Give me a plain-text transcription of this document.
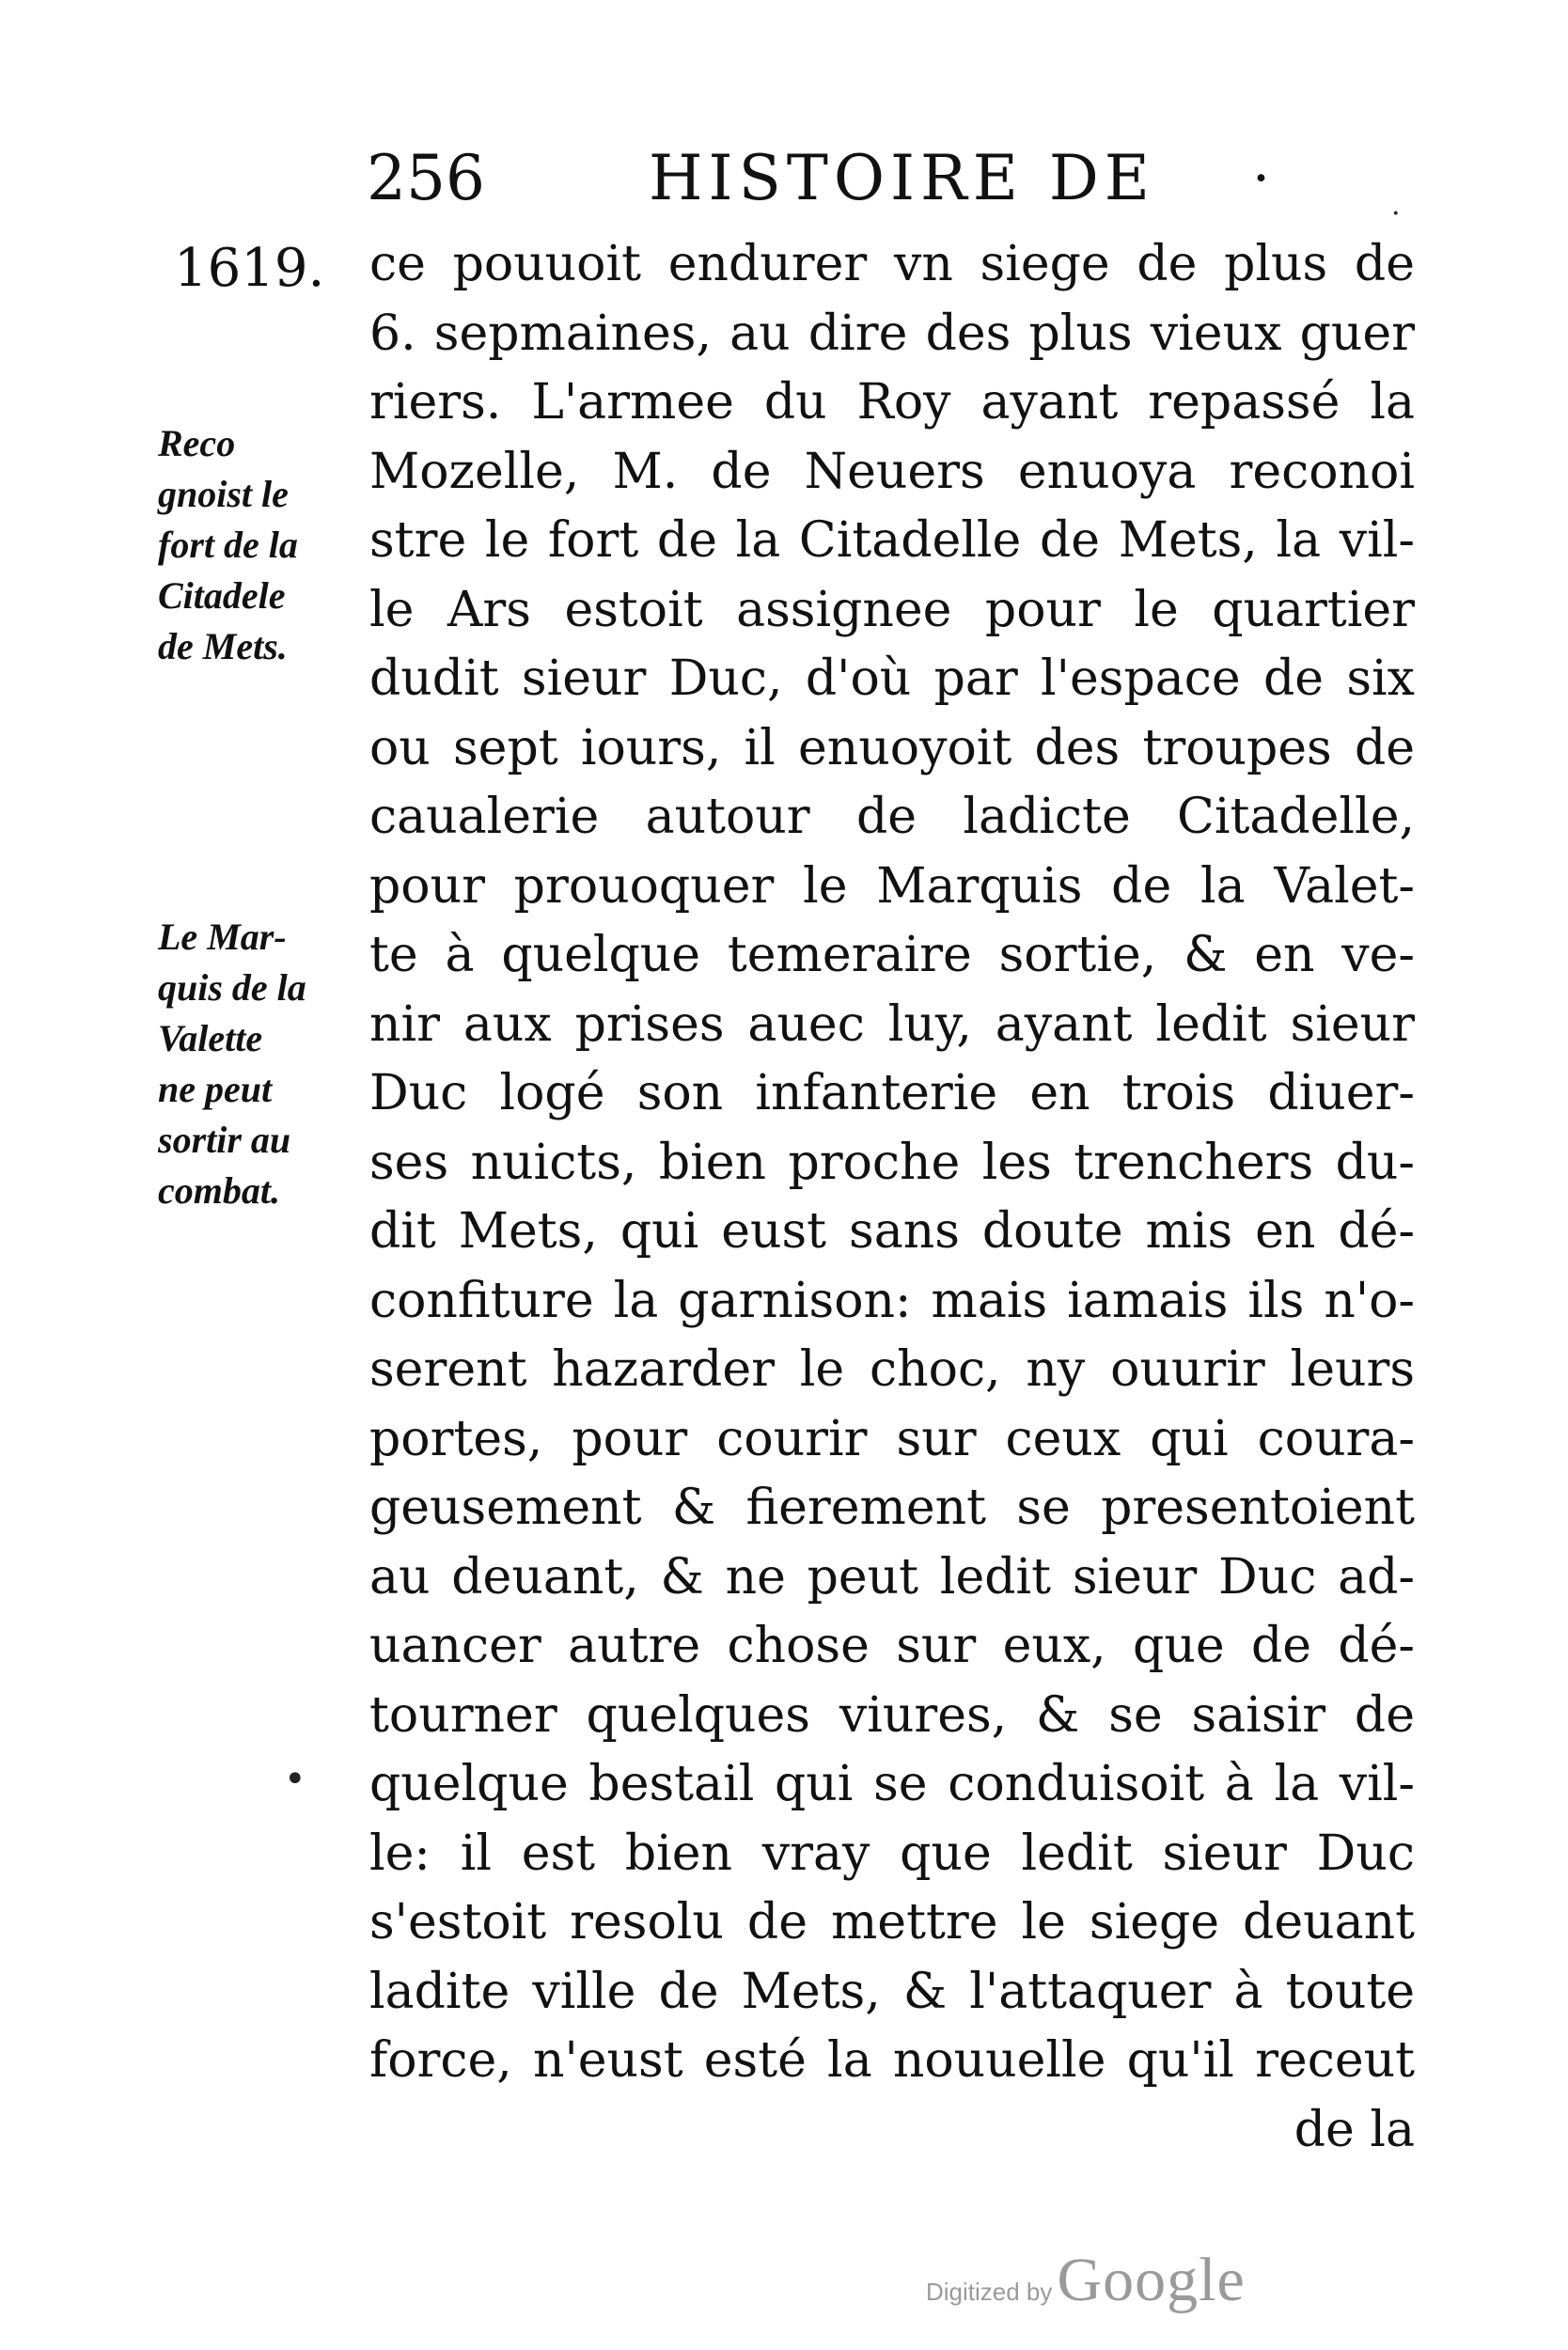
256	HISTOIRE DE ·
1619.
Reco
gnoist le
fort de la
Citadele
de Mets.
Le Mar-
quis de la
Valette
ne peut
sortir au
combat.
ce pouuoit endurer vn siege de plus de
6. sepmaines, au dire des plus vieux guer
riers. L'armee du Roy ayant repassé la
Mozelle, M. de Neuers enuoya reconoi
stre le fort de la Citadelle de Mets, la vil-
le Ars estoit assignee pour le quartier
dudit sieur Duc, d'où par l'espace de six
ou sept iours, il enuoyoit des troupes de
caualerie autour de ladicte Citadelle,
pour prouoquer le Marquis de la Valet-
te à quelque temeraire sortie, & en ve-
nir aux prises auec luy, ayant ledit sieur
Duc logé son infanterie en trois diuer-
ses nuicts, bien proche les trenchers du-
dit Mets, qui eust sans doute mis en dé-
confiture la garnison: mais iamais ils n'o-
serent hazarder le choc, ny ouurir leurs
portes, pour courir sur ceux qui coura-
geusement & fierement se presentoient
au deuant, & ne peut ledit sieur Duc ad-
uancer autre chose sur eux, que de dé-
tourner quelques viures, & se saisir de
quelque bestail qui se conduisoit à la vil-
le: il est bien vray que ledit sieur Duc
s'estoit resolu de mettre le siege deuant
ladite ville de Mets, & l'attaquer à toute
force, n'eust esté la nouuelle qu'il receut
de la
•
·
Digitized by Google
